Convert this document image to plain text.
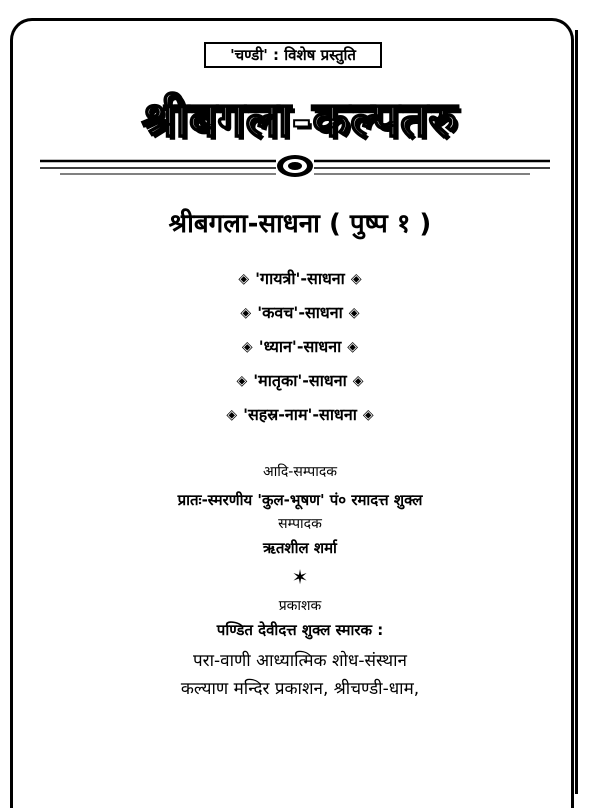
'चण्डी' : विशेष प्रस्तुति
श्रीबगला-कल्पतरु
श्रीबगला-साधना ( पुष्प १ )
◈ 'गायत्री'-साधना ◈
◈ 'कवच'-साधना ◈
◈ 'ध्यान'-साधना ◈
◈ 'मातृका'-साधना ◈
◈ 'सहस्र-नाम'-साधना ◈
आदि-सम्पादक
प्रातः-स्मरणीय 'कुल-भूषण' पं० रमादत्त शुक्ल
सम्पादक
ऋतशील शर्मा
✶
प्रकाशक
पण्डित देवीदत्त शुक्ल स्मारक :
परा-वाणी आध्यात्मिक शोध-संस्थान
कल्याण मन्दिर प्रकाशन, श्रीचण्डी-धाम,
